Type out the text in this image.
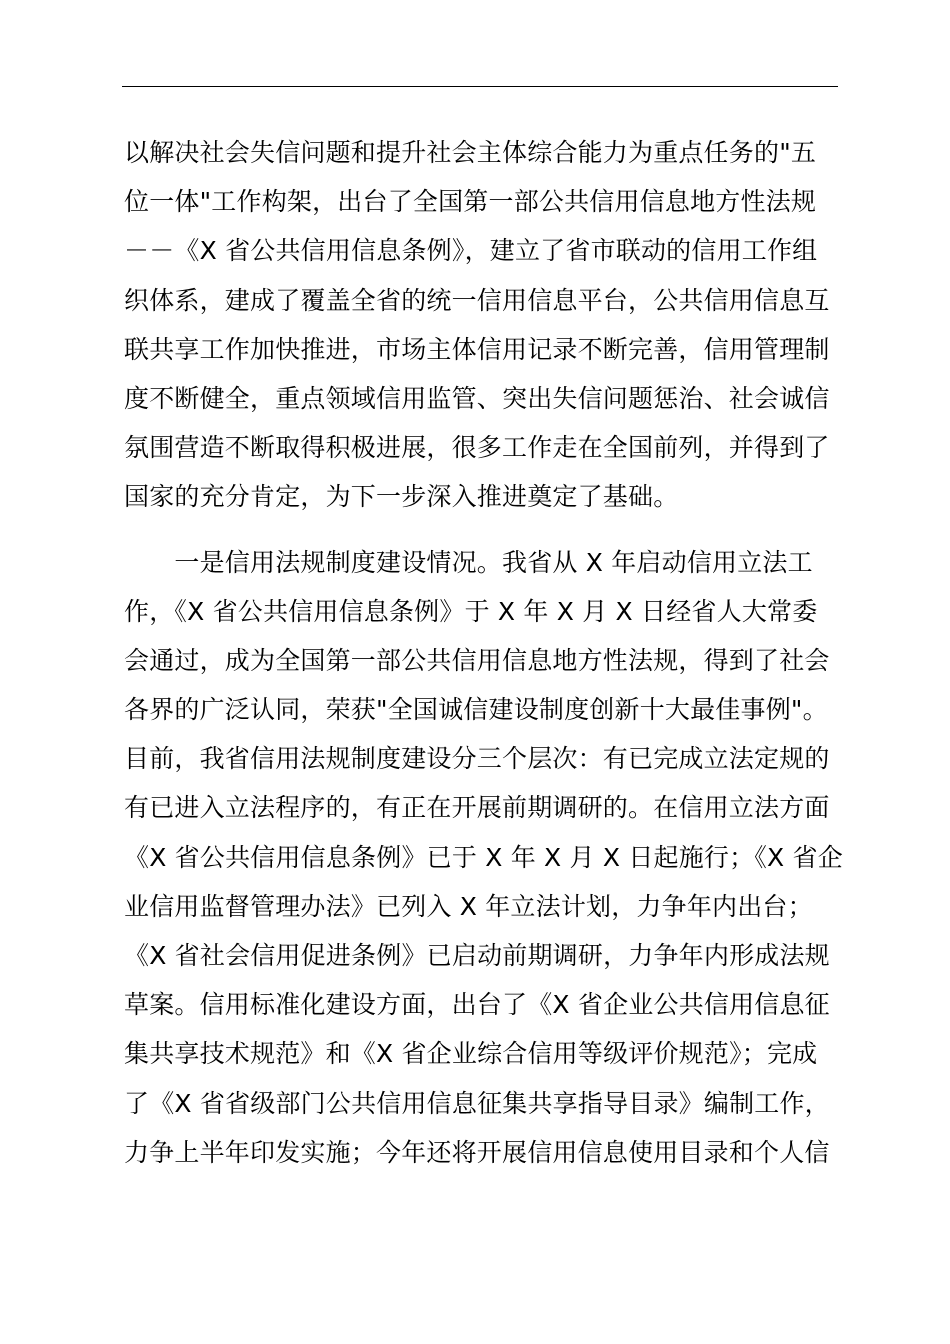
以解决社会失信问题和提升社会主体综合能力为重点任务的"五
位一体"工作构架，出台了全国第一部公共信用信息地方性法规
－－《X 省公共信用信息条例》，建立了省市联动的信用工作组
织体系，建成了覆盖全省的统一信用信息平台，公共信用信息互
联共享工作加快推进，市场主体信用记录不断完善，信用管理制
度不断健全，重点领域信用监管、突出失信问题惩治、社会诚信
氛围营造不断取得积极进展，很多工作走在全国前列，并得到了
国家的充分肯定，为下一步深入推进奠定了基础。
　　一是信用法规制度建设情况。我省从 X 年启动信用立法工
作，《X 省公共信用信息条例》于 X 年 X 月 X 日经省人大常委
会通过，成为全国第一部公共信用信息地方性法规，得到了社会
各界的广泛认同，荣获"全国诚信建设制度创新十大最佳事例"。
目前，我省信用法规制度建设分三个层次：有已完成立法定规的
有已进入立法程序的，有正在开展前期调研的。在信用立法方面
《X 省公共信用信息条例》已于 X 年 X 月 X 日起施行；《X 省企
业信用监督管理办法》已列入 X 年立法计划，力争年内出台；
《X 省社会信用促进条例》已启动前期调研，力争年内形成法规
草案。信用标准化建设方面，出台了《X 省企业公共信用信息征
集共享技术规范》和《X 省企业综合信用等级评价规范》；完成
了《X 省省级部门公共信用信息征集共享指导目录》编制工作，
力争上半年印发实施；今年还将开展信用信息使用目录和个人信
